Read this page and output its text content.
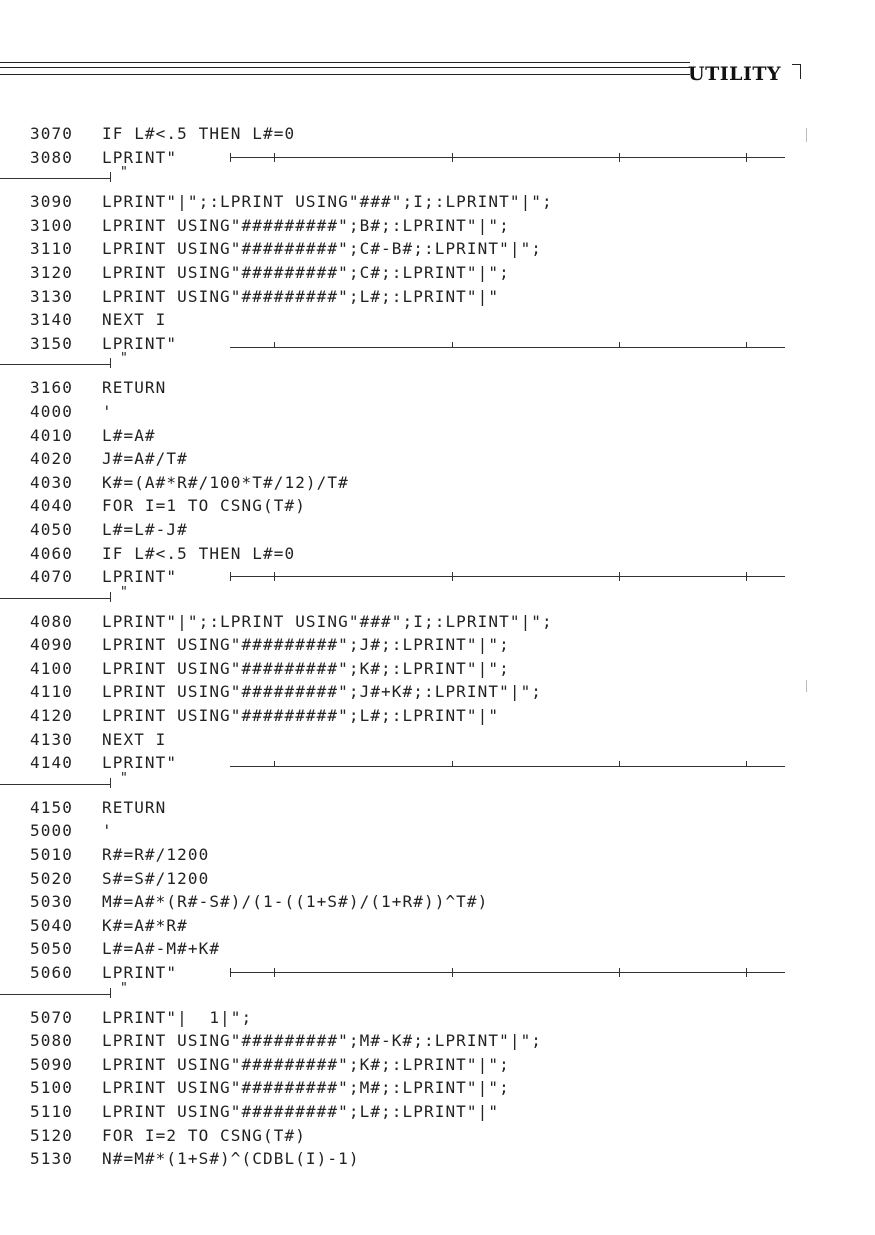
UTILITY
3070 IF L#<.5 THEN L#=0
3080 LPRINT"
"
3090 LPRINT"|";:LPRINT USING"###";I;:LPRINT"|";
3100 LPRINT USING"#########";B#;:LPRINT"|";
3110 LPRINT USING"#########";C#-B#;:LPRINT"|";
3120 LPRINT USING"#########";C#;:LPRINT"|";
3130 LPRINT USING"#########";L#;:LPRINT"|"
3140 NEXT I
3150 LPRINT"
"
3160 RETURN
4000 '
4010 L#=A#
4020 J#=A#/T#
4030 K#=(A#*R#/100*T#/12)/T#
4040 FOR I=1 TO CSNG(T#)
4050 L#=L#-J#
4060 IF L#<.5 THEN L#=0
4070 LPRINT"
"
4080 LPRINT"|";:LPRINT USING"###";I;:LPRINT"|";
4090 LPRINT USING"#########";J#;:LPRINT"|";
4100 LPRINT USING"#########";K#;:LPRINT"|";
4110 LPRINT USING"#########";J#+K#;:LPRINT"|";
4120 LPRINT USING"#########";L#;:LPRINT"|"
4130 NEXT I
4140 LPRINT"
"
4150 RETURN
5000 '
5010 R#=R#/1200
5020 S#=S#/1200
5030 M#=A#*(R#-S#)/(1-((1+S#)/(1+R#))^T#)
5040 K#=A#*R#
5050 L#=A#-M#+K#
5060 LPRINT"
"
5070 LPRINT"|  1|";
5080 LPRINT USING"#########";M#-K#;:LPRINT"|";
5090 LPRINT USING"#########";K#;:LPRINT"|";
5100 LPRINT USING"#########";M#;:LPRINT"|";
5110 LPRINT USING"#########";L#;:LPRINT"|"
5120 FOR I=2 TO CSNG(T#)
5130 N#=M#*(1+S#)^(CDBL(I)-1)
